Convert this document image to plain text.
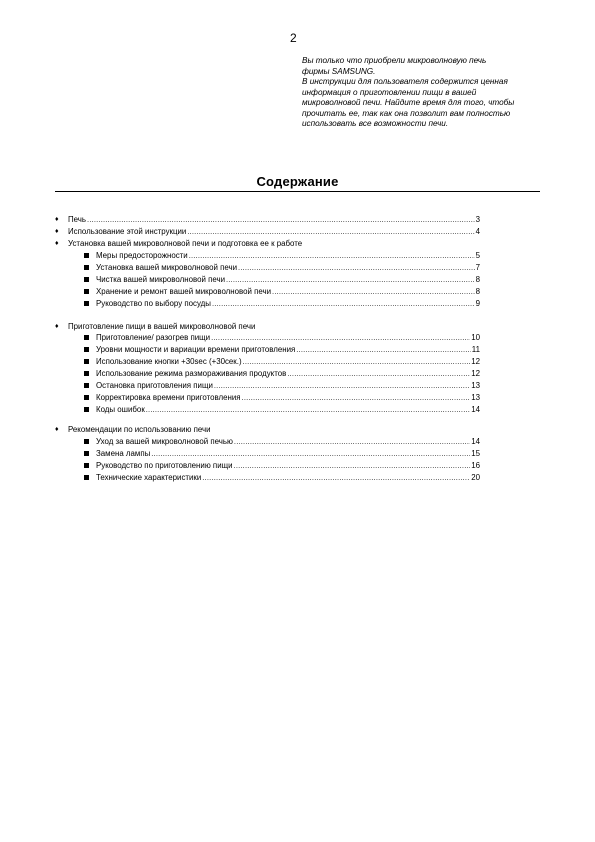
2
Вы только что приобрели микроволновую печь
фирмы SAMSUNG.
В инструкции для пользователя содержится ценная
информация о приготовлении пищи в вашей
микроволновой печи. Найдите время для того, чтобы
прочитать ее, так как она позволит вам полностью
использовать все возможности печи.
Содержание
♦ Печь .....	3
♦ Использование этой инструкции .....	4
♦ Установка вашей микроволновой печи и подготовка ее к работе
Меры предосторожности .....	5
Установка вашей микроволновой печи .....	7
Чистка вашей микроволновой печи .....	8
Хранение и ремонт вашей микроволновой печи .....	8
Руководство по выбору посуды .....	9
♦ Приготовление пищи в вашей микроволновой печи
Приготовление/ разогрев пищи .....	10
Уровни мощности и вариации времени приготовления .....	11
Использование кнопки +30sec (+30сек.) .....	12
Использование режима размораживания продуктов .....	12
Остановка приготовления пищи .....	13
Корректировка времени приготовления .....	13
Коды ошибок .....	14
♦ Рекомендации по использованию печи
Уход за вашей микроволновой печью .....	14
Замена лампы .....	15
Руководство по приготовлению пищи .....	16
Технические характеристики .....	20
